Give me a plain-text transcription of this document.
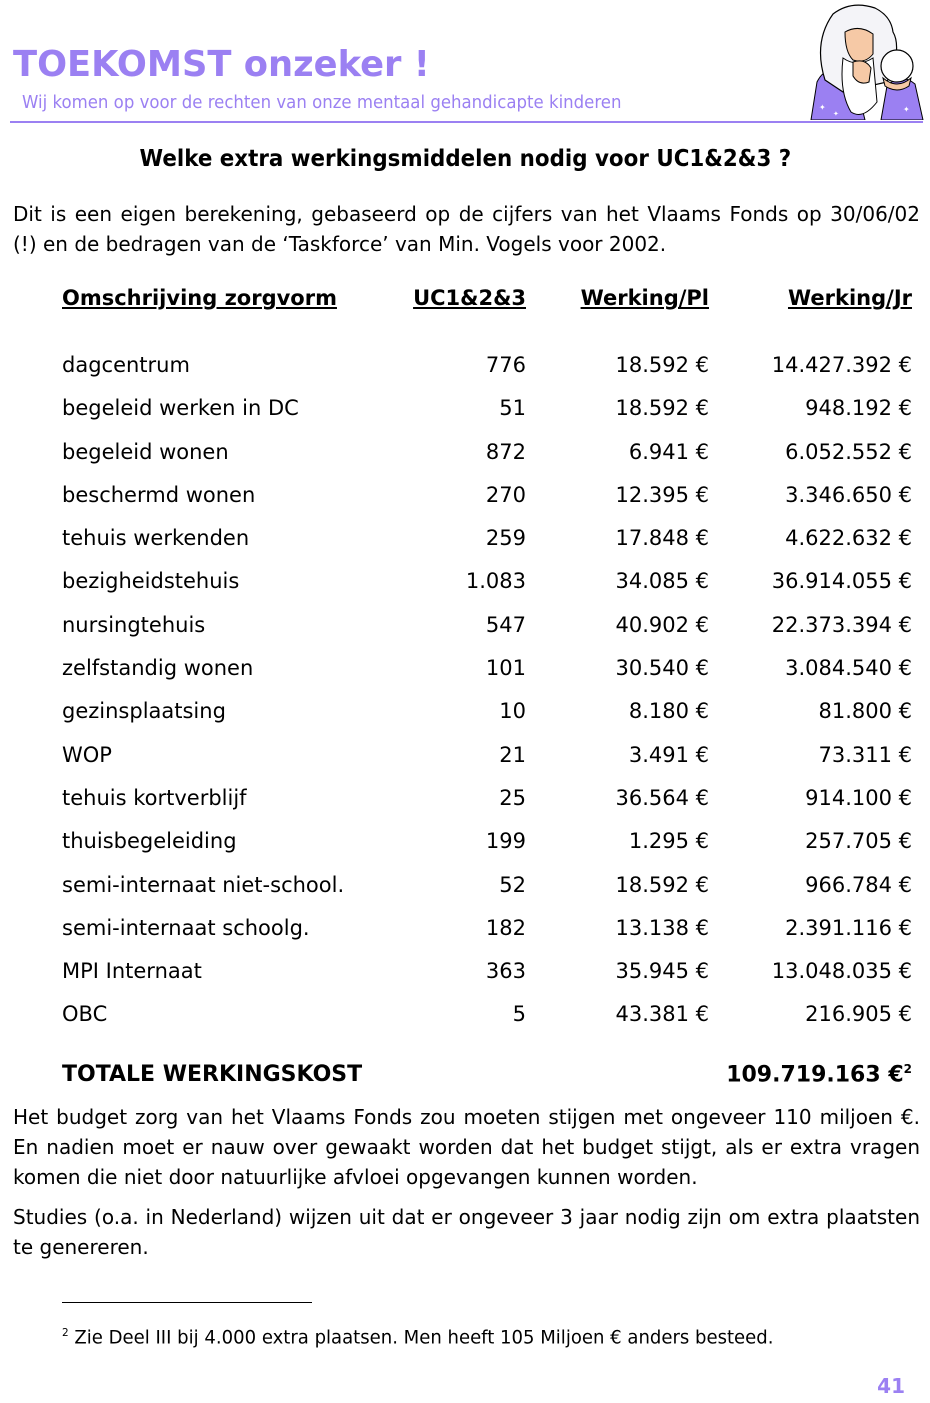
TOEKOMST onzeker !
Wij komen op voor de rechten van onze mentaal gehandicapte kinderen	✦
✦	✦
Welke extra werkingsmiddelen nodig voor UC1&2&3 ?
Dit is een eigen berekening, gebaseerd op de cijfers van het Vlaams Fonds op 30/06/02 (!) en de bedragen van de ‘Taskforce’ van Min. Vogels voor 2002.
Omschrijving zorgvorm	UC1&2&3	Werking/Pl	Werking/Jr
dagcentrum	776	18.592 €	14.427.392 €
begeleid werken in DC	51	18.592 €	948.192 €
begeleid wonen	872	6.941 €	6.052.552 €
beschermd wonen	270	12.395 €	3.346.650 €
tehuis werkenden	259	17.848 €	4.622.632 €
bezigheidstehuis	1.083	34.085 €	36.914.055 €
nursingtehuis	547	40.902 €	22.373.394 €
zelfstandig wonen	101	30.540 €	3.084.540 €
gezinsplaatsing	10	8.180 €	81.800 €
WOP	21	3.491 €	73.311 €
tehuis kortverblijf	25	36.564 €	914.100 €
thuisbegeleiding	199	1.295 €	257.705 €
semi-internaat niet-school.	52	18.592 €	966.784 €
semi-internaat schoolg.	182	13.138 €	2.391.116 €
MPI Internaat	363	35.945 €	13.048.035 €
OBC	5	43.381 €	216.905 €
TOTALE WERKINGSKOST	109.719.163 €$^2$
Het budget zorg van het Vlaams Fonds zou moeten stijgen met ongeveer 110 miljoen €. En nadien moet er nauw over gewaakt worden dat het budget stijgt, als er extra vragen komen die niet door natuurlijke afvloei opgevangen kunnen worden.
Studies (o.a. in Nederland) wijzen uit dat er ongeveer 3 jaar nodig zijn om extra plaatsten te genereren.
$^2$ Zie Deel III bij 4.000 extra plaatsen. Men heeft 105 Miljoen € anders besteed.
41
